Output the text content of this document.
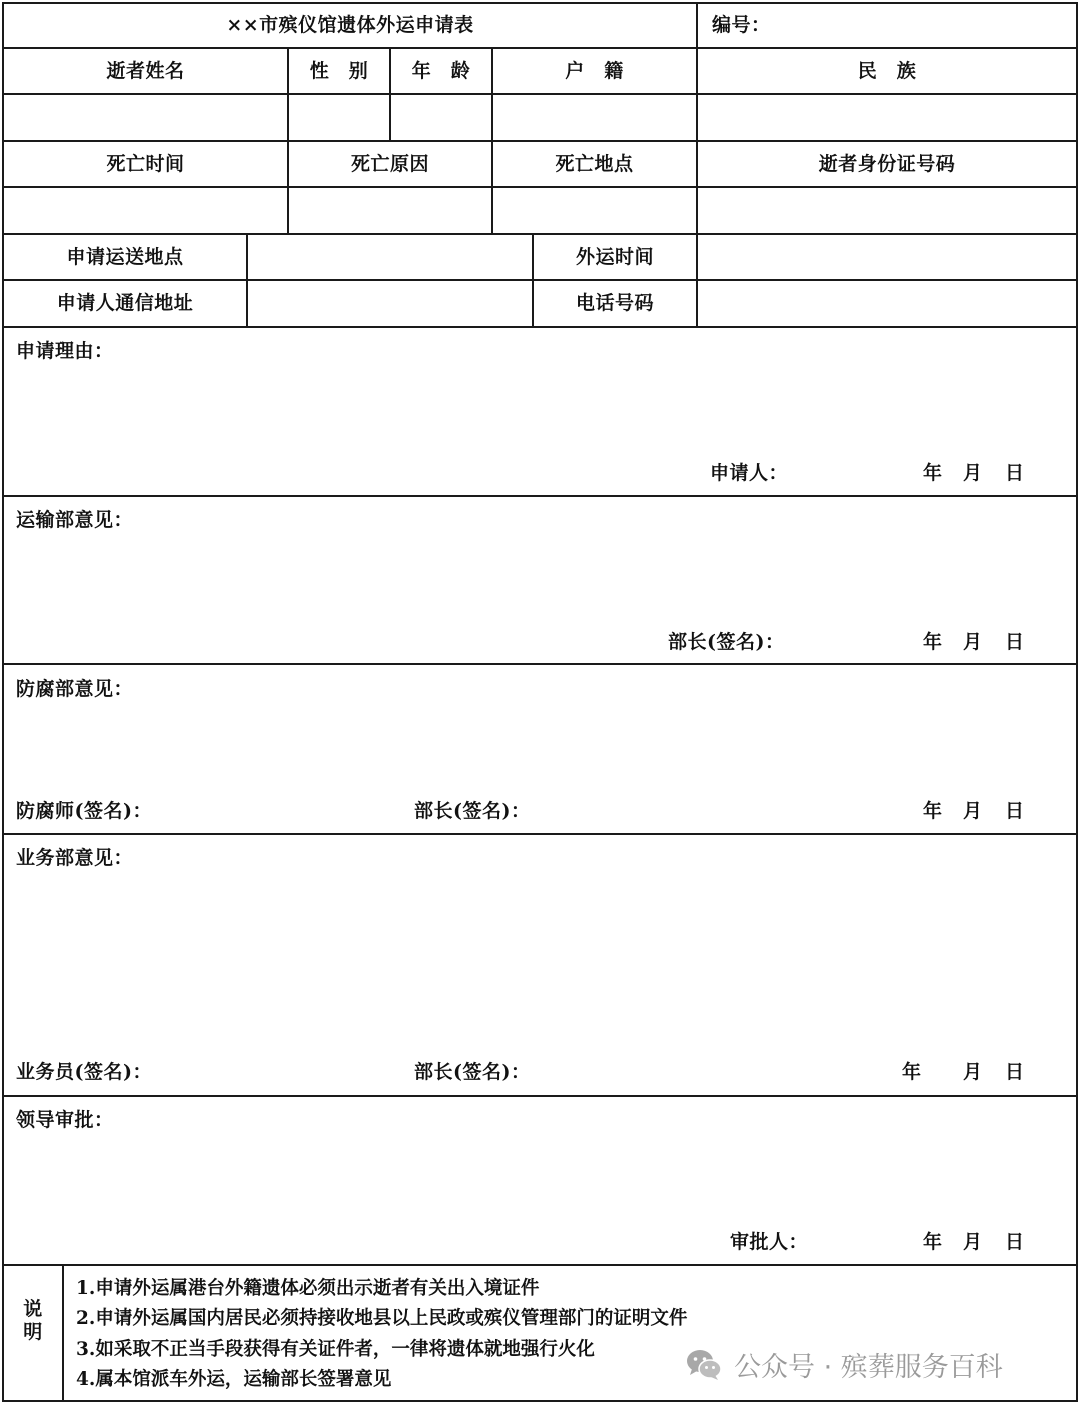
××市殡仪馆遗体外运申请表	编号：
逝者姓名	性　别	年　龄	户　籍	民　族
死亡时间	死亡原因	死亡地点	逝者身份证号码
申请运送地点	外运时间
申请人通信地址	电话号码
申请理由：
申请人：	年 月 日
运输部意见：
部长(签名)：	年 月 日
防腐部意见：
防腐师(签名)：	部长(签名)：	年 月 日
业务部意见：
业务员(签名)：	部长(签名)：	年 月 日
领导审批：
审批人：	年 月 日
说
明
1.申请外运属港台外籍遗体必须出示逝者有关出入境证件
2.申请外运属国内居民必须持接收地县以上民政或殡仪管理部门的证明文件
3.如采取不正当手段获得有关证件者，一律将遗体就地强行火化
4.属本馆派车外运，运输部长签署意见	公众号 · 殡葬服务百科
